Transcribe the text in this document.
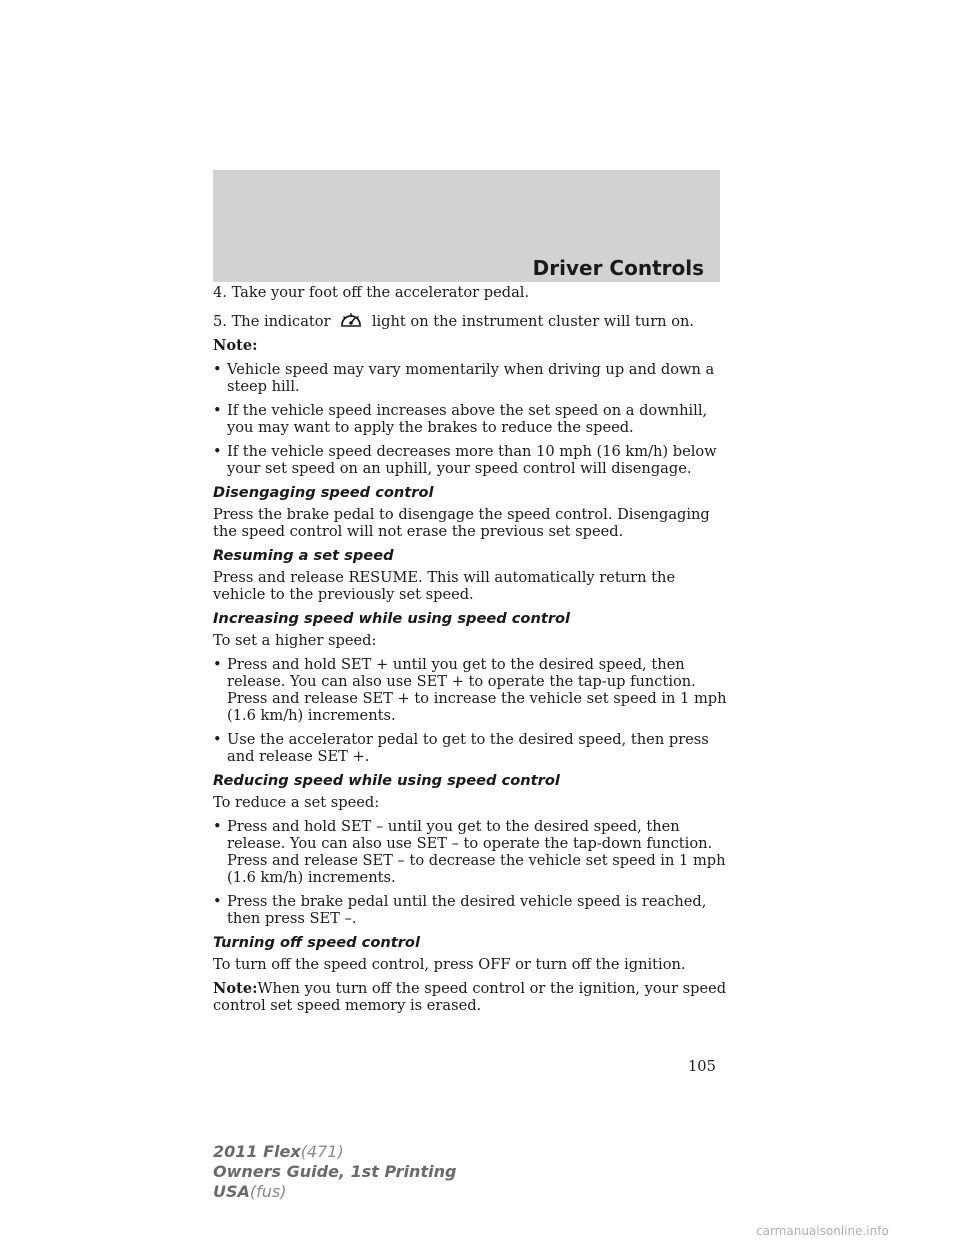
Driver Controls

4. Take your foot off the accelerator pedal.

5. The indicator	light on the instrument cluster will turn on.

Note:

• Vehicle speed may vary momentarily when driving up and down a steep hill.
• If the vehicle speed increases above the set speed on a downhill, you may want to apply the brakes to reduce the speed.
• If the vehicle speed decreases more than 10 mph (16 km/h) below your set speed on an uphill, your speed control will disengage.
Disengaging speed control

Press the brake pedal to disengage the speed control. Disengaging the speed control will not erase the previous set speed.

Resuming a set speed

Press and release RESUME. This will automatically return the vehicle to the previously set speed.

Increasing speed while using speed control

To set a higher speed:

• Press and hold SET + until you get to the desired speed, then release. You can also use SET + to operate the tap-up function. Press and release SET + to increase the vehicle set speed in 1 mph (1.6 km/h) increments.
• Use the accelerator pedal to get to the desired speed, then press and release SET +.
Reducing speed while using speed control

To reduce a set speed:

• Press and hold SET – until you get to the desired speed, then release. You can also use SET – to operate the tap-down function. Press and release SET – to decrease the vehicle set speed in 1 mph (1.6 km/h) increments.
• Press the brake pedal until the desired vehicle speed is reached, then press SET –.
Turning off speed control

To turn off the speed control, press OFF or turn off the ignition.

Note:When you turn off the speed control or the ignition, your speed control set speed memory is erased.

105
2011 Flex(471)
Owners Guide, 1st Printing
USA(fus)
carmanualsonline.info
